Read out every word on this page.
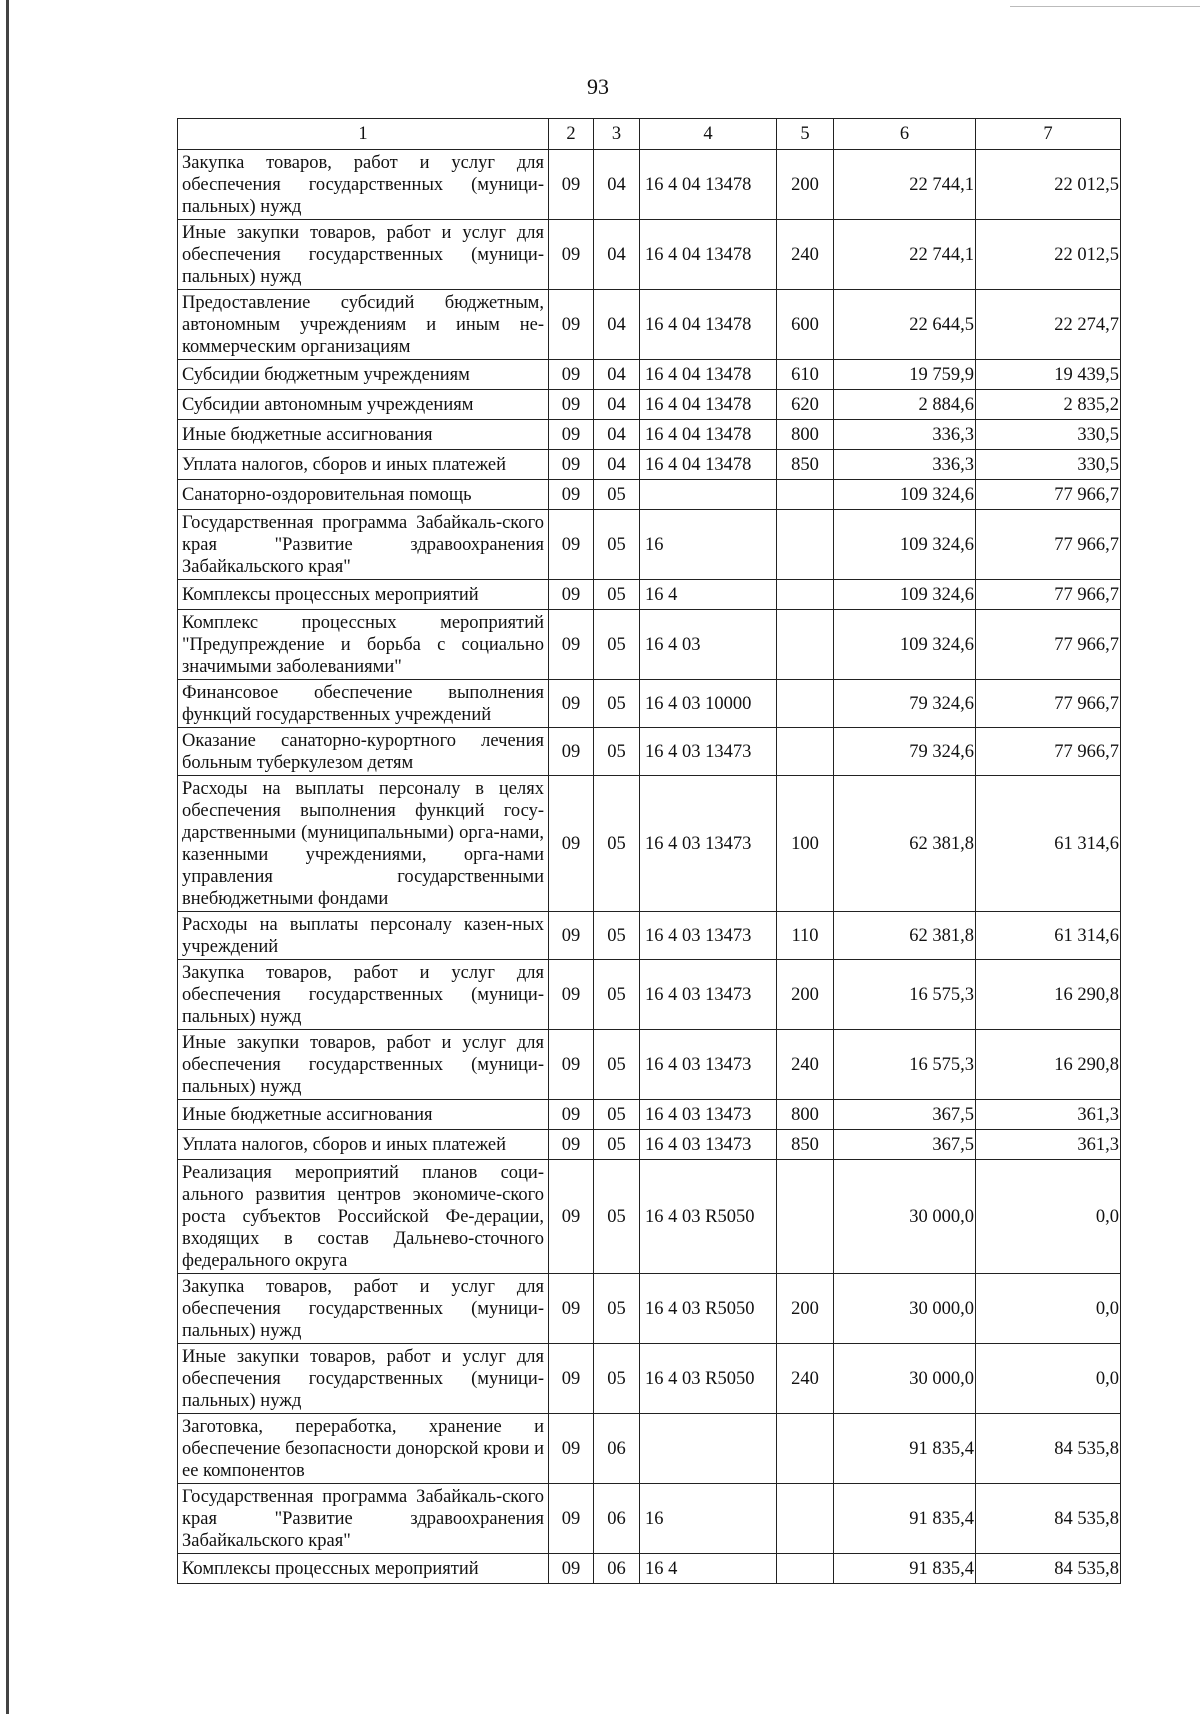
93
1	2	3	4	5	6	7
Закупка товаров, работ и услуг для обеспечения государственных (муници-пальных) нужд	09	04	16 4 04 13478	200	22 744,1	22 012,5
Иные закупки товаров, работ и услуг для обеспечения государственных (муници-пальных) нужд	09	04	16 4 04 13478	240	22 744,1	22 012,5
Предоставление субсидий бюджетным, автономным учреждениям и иным не-коммерческим организациям	09	04	16 4 04 13478	600	22 644,5	22 274,7
Субсидии бюджетным учреждениям	09	04	16 4 04 13478	610	19 759,9	19 439,5
Субсидии автономным учреждениям	09	04	16 4 04 13478	620	2 884,6	2 835,2
Иные бюджетные ассигнования	09	04	16 4 04 13478	800	336,3	330,5
Уплата налогов, сборов и иных платежей	09	04	16 4 04 13478	850	336,3	330,5
Санаторно-оздоровительная помощь	09	05			109 324,6	77 966,7
Государственная программа Забайкаль-ского края "Развитие здравоохранения Забайкальского края"	09	05	16		109 324,6	77 966,7
Комплексы процессных мероприятий	09	05	16 4		109 324,6	77 966,7
Комплекс процессных мероприятий "Предупреждение и борьба с социально значимыми заболеваниями"	09	05	16 4 03		109 324,6	77 966,7
Финансовое обеспечение выполнения функций государственных учреждений	09	05	16 4 03 10000		79 324,6	77 966,7
Оказание санаторно-курортного лечения больным туберкулезом детям	09	05	16 4 03 13473		79 324,6	77 966,7
Расходы на выплаты персоналу в целях обеспечения выполнения функций госу-дарственными (муниципальными) орга-нами, казенными учреждениями, орга-нами управления государственными внебюджетными фондами	09	05	16 4 03 13473	100	62 381,8	61 314,6
Расходы на выплаты персоналу казен-ных учреждений	09	05	16 4 03 13473	110	62 381,8	61 314,6
Закупка товаров, работ и услуг для обеспечения государственных (муници-пальных) нужд	09	05	16 4 03 13473	200	16 575,3	16 290,8
Иные закупки товаров, работ и услуг для обеспечения государственных (муници-пальных) нужд	09	05	16 4 03 13473	240	16 575,3	16 290,8
Иные бюджетные ассигнования	09	05	16 4 03 13473	800	367,5	361,3
Уплата налогов, сборов и иных платежей	09	05	16 4 03 13473	850	367,5	361,3
Реализация мероприятий планов соци-ального развития центров экономиче-ского роста субъектов Российской Фе-дерации, входящих в состав Дальнево-сточного федерального округа	09	05	16 4 03 R5050		30 000,0	0,0
Закупка товаров, работ и услуг для обеспечения государственных (муници-пальных) нужд	09	05	16 4 03 R5050	200	30 000,0	0,0
Иные закупки товаров, работ и услуг для обеспечения государственных (муници-пальных) нужд	09	05	16 4 03 R5050	240	30 000,0	0,0
Заготовка, переработка, хранение и обеспечение безопасности донорской крови и ее компонентов	09	06			91 835,4	84 535,8
Государственная программа Забайкаль-ского края "Развитие здравоохранения Забайкальского края"	09	06	16		91 835,4	84 535,8
Комплексы процессных мероприятий	09	06	16 4		91 835,4	84 535,8
